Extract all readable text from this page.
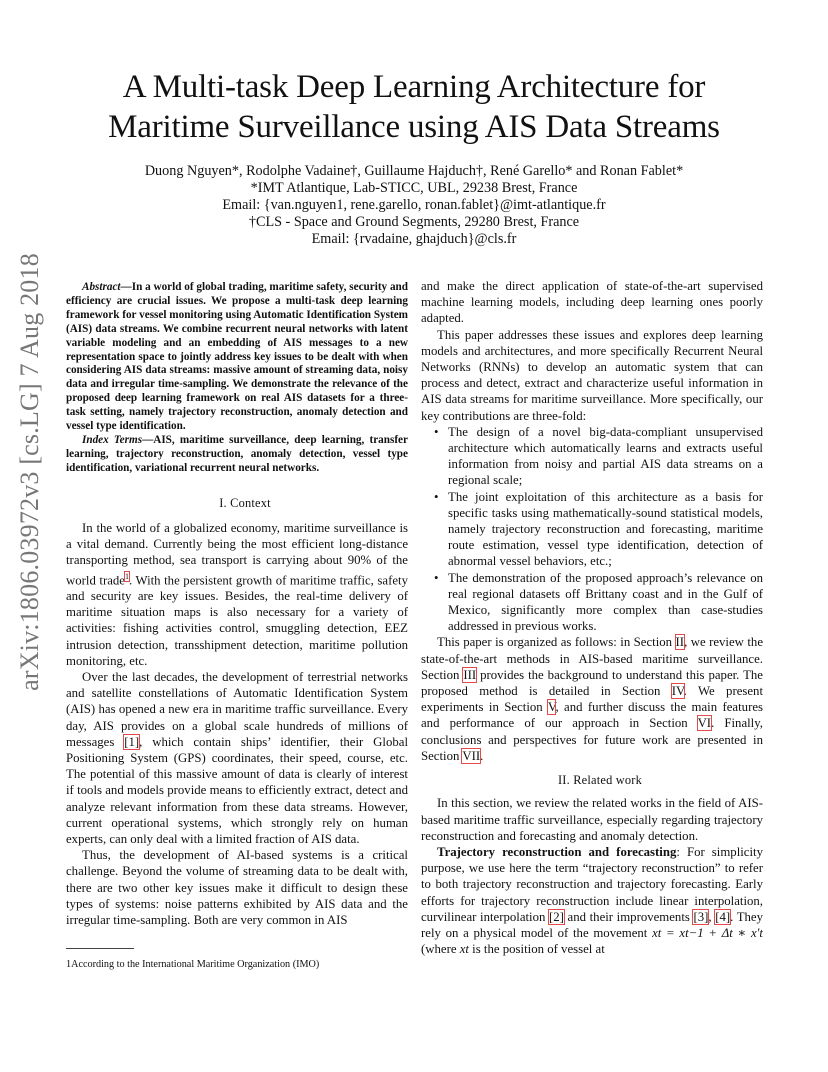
arXiv:1806.03972v3 [cs.LG] 7 Aug 2018
A Multi-task Deep Learning Architecture for
Maritime Surveillance using AIS Data Streams
Duong Nguyen*, Rodolphe Vadaine†, Guillaume Hajduch†, René Garello* and Ronan Fablet*
*IMT Atlantique, Lab-STICC, UBL, 29238 Brest, France
Email: {van.nguyen1, rene.garello, ronan.fablet}@imt-atlantique.fr
†CLS - Space and Ground Segments, 29280 Brest, France
Email: {rvadaine, ghajduch}@cls.fr

Abstract—In a world of global trading, maritime safety, security and efficiency are crucial issues. We propose a multi-task deep learning framework for vessel monitoring using Automatic Identification System (AIS) data streams. We combine recurrent neural networks with latent variable modeling and an embedding of AIS messages to a new representation space to jointly address key issues to be dealt with when considering AIS data streams: massive amount of streaming data, noisy data and irregular time-sampling. We demonstrate the relevance of the proposed deep learning framework on real AIS datasets for a three-task setting, namely trajectory reconstruction, anomaly detection and vessel type identification.

Index Terms—AIS, maritime surveillance, deep learning, transfer learning, trajectory reconstruction, anomaly detection, vessel type identification, variational recurrent neural networks.

I. Context

In the world of a globalized economy, maritime surveillance is a vital demand. Currently being the most efficient long-distance transporting method, sea transport is carrying about 90% of the world trade$^1$. With the persistent growth of maritime traffic, safety and security are key issues. Besides, the real-time delivery of maritime situation maps is also necessary for a variety of activities: fishing activities control, smuggling detection, EEZ intrusion detection, transshipment detection, maritime pollution monitoring, etc.

Over the last decades, the development of terrestrial networks and satellite constellations of Automatic Identification System (AIS) has opened a new era in maritime traffic surveillance. Every day, AIS provides on a global scale hundreds of millions of messages [1], which contain ships’ identifier, their Global Positioning System (GPS) coordinates, their speed, course, etc. The potential of this massive amount of data is clearly of interest if tools and models provide means to efficiently extract, detect and analyze relevant information from these data streams. However, current operational systems, which strongly rely on human experts, can only deal with a limited fraction of AIS data.

Thus, the development of AI-based systems is a critical challenge. Beyond the volume of streaming data to be dealt with, there are two other key issues make it difficult to design these types of systems: noise patterns exhibited by AIS data and the irregular time-sampling. Both are very common in AIS

1According to the International Maritime Organization (IMO)

and make the direct application of state-of-the-art supervised machine learning models, including deep learning ones poorly adapted.

This paper addresses these issues and explores deep learning models and architectures, and more specifically Recurrent Neural Networks (RNNs) to develop an automatic system that can process and detect, extract and characterize useful information in AIS data streams for maritime surveillance. More specifically, our key contributions are three-fold:

• The design of a novel big-data-compliant unsupervised architecture which automatically learns and extracts useful information from noisy and partial AIS data streams on a regional scale;
• The joint exploitation of this architecture as a basis for specific tasks using mathematically-sound statistical models, namely trajectory reconstruction and forecasting, maritime route estimation, vessel type identification, detection of abnormal vessel behaviors, etc.;
• The demonstration of the proposed approach’s relevance on real regional datasets off Brittany coast and in the Gulf of Mexico, significantly more complex than case-studies addressed in previous works.

This paper is organized as follows: in Section II, we review the state-of-the-art methods in AIS-based maritime surveillance. Section III provides the background to understand this paper. The proposed method is detailed in Section IV. We present experiments in Section V, and further discuss the main features and performance of our approach in Section VI. Finally, conclusions and perspectives for future work are presented in Section VII.

II. Related work

In this section, we review the related works in the field of AIS-based maritime traffic surveillance, especially regarding trajectory reconstruction and forecasting and anomaly detection.

Trajectory reconstruction and forecasting: For simplicity purpose, we use here the term “trajectory reconstruction” to refer to both trajectory reconstruction and trajectory forecasting. Early efforts for trajectory reconstruction include linear interpolation, curvilinear interpolation [2] and their improvements [3], [4]. They rely on a physical model of the movement xt = xt−1 + Δt ∗ x′t (where xt is the position of vessel at
